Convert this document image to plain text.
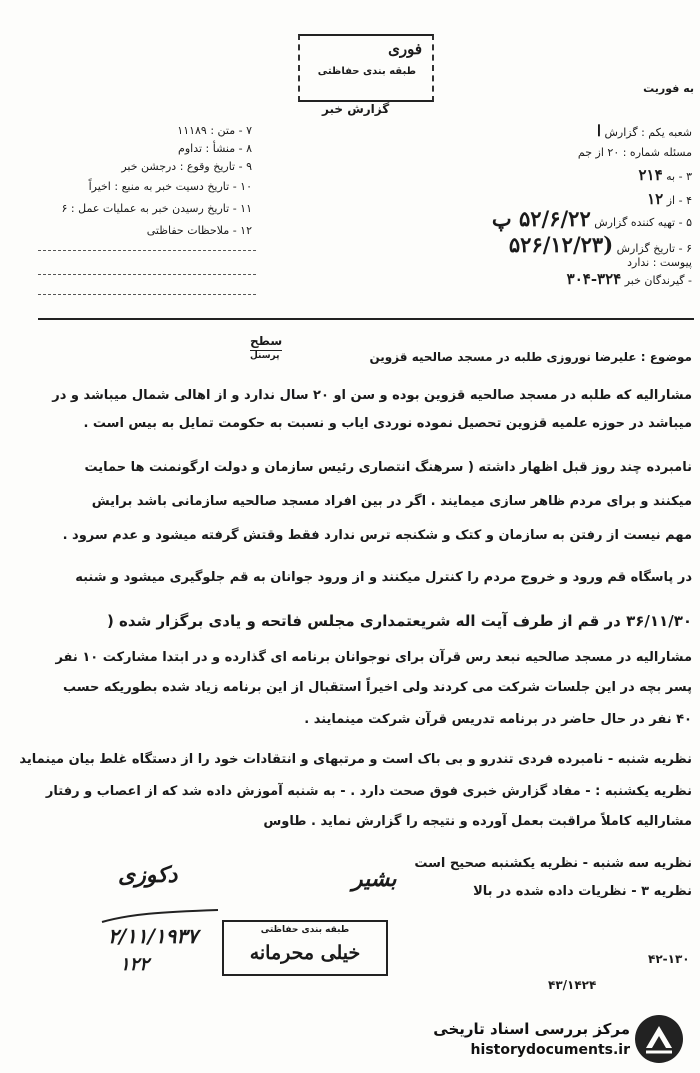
فوری
طبقه بندی حفاظتی
گزارش خبر
به فوریت
۷ - متن : ۱۱۱۸۹
۸ - منشأ : تداوم
۹ - تاریخ وقوع : درجشن خبر
۱۰ - تاریخ دسیت خبر به منبع : اخیراً
۱۱ - تاریخ رسیدن خبر به عملیات عمل : ۶
۱۲ - ملاحظات حفاظتی
شعبه یکم : گزارش ا
مسئله شماره : ۲۰ از جم
۳ - به ۲۱۴
۴ - از ۱۲
۵ - تهیه کننده گزارش ۵۲/۶/۲۲ پ
۶ - تاریخ گزارش (۵۲۶/۱۲/۲۳
پیوست : ندارد
- گیرندگان خبر ۳۲۴-۳۰۴
سطح
پرسنل	موضوع : علیرضا نوروزی طلبه در مسجد صالحیه قزوین
مشارالیه که طلبه در مسجد صالحیه قزوین بوده و سن او ۲۰ سال ندارد و از اهالی شمال میباشد و در
میباشد در حوزه علمیه قزوین تحصیل نموده نوردی ایاب و نسبت به حکومت تمایل به بیس است .
نامبرده چند روز قبل اظهار داشته ( سرهنگ انتصاری رئیس سازمان و دولت ارگونمنت ها حمایت
میکنند و برای مردم ظاهر سازی میمایند . اگر در بین افراد مسجد صالحیه سازمانی باشد برایش
مهم نیست از رفتن به سازمان و کتک و شکنجه ترس ندارد فقط وقتش گرفته میشود و عدم سرود .
در پاسگاه قم ورود و خروج مردم را کنترل میکنند و از ورود جوانان به قم جلوگیری میشود و شنبه
۳۶/۱۱/۳۰ در قم از طرف آیت اله شریعتمداری مجلس فاتحه و یادی برگزار شده (
مشارالیه در مسجد صالحیه نبعد رس قرآن برای نوجوانان برنامه ای گذارده و در ابتدا مشارکت ۱۰ نفر
پسر بچه در این جلسات شرکت می کردند ولی اخیراً استقبال از این برنامه زیاد شده بطوریکه حسب
۴۰ نفر در حال حاضر در برنامه تدریس قرآن شرکت مینمایند .
نظریه شنبه - نامبرده فردی تندرو و بی باک است و مرتبهای و انتقادات خود را از دستگاه غلط بیان مینماید
نظریه یکشنبه : - مفاد گزارش خبری فوق صحت دارد . - به شنبه آموزش داده شد که از اعصاب و رفتار
مشارالیه کاملاً مراقبت بعمل آورده و نتیجه را گزارش نماید . طاوس
نظریه سه شنبه - نظریه یکشنبه صحیح است
نظریه ۳ - نظریات داده شده در بالا
بشیر
دکوزی
۲/۱۱/۱۹۳۷
۱۲۲
طبقه بندی حفاظتی
خیلی محرمانه	۴۲-۱۳۰
۴۳/۱۴۲۴
مرکز بررسی اسناد تاریخی
historydocuments.ir
